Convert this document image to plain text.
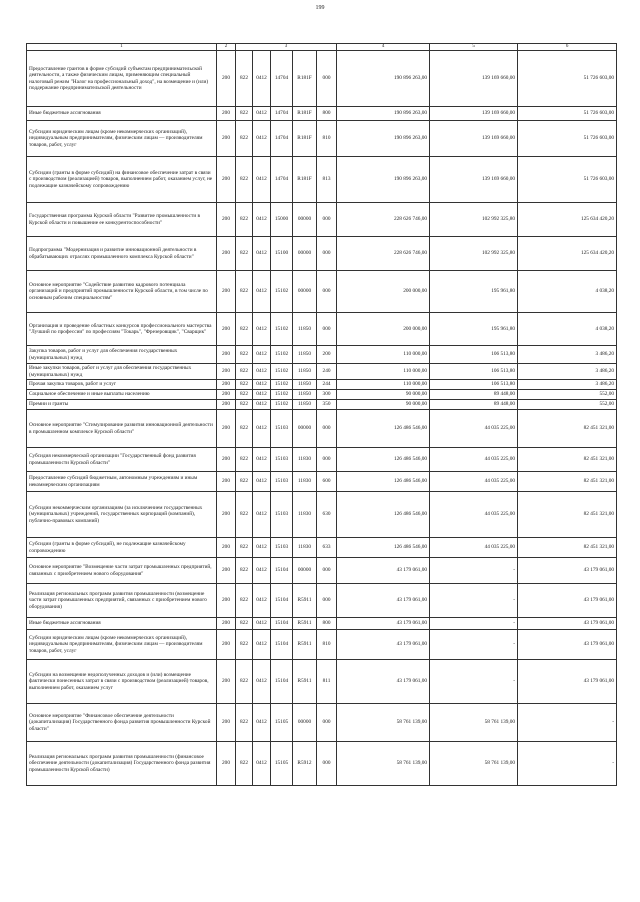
199
1	2	3					4	5	6
Предоставление грантов в форме субсидий субъектам предпринимательской деятельности, а также физическим лицам, применяющим специальный налоговый режим "Налог на профессиональный доход", на возмещение и (или) поддержание предпринимательской деятельности	200	822	0412	14704	R181F	000	190 896 263,00	139 169 660,00	51 726 603,00
Иные бюджетные ассигнования	200	822	0412	14704	R181F	800	190 896 263,00	139 169 660,00	51 726 603,00
Субсидии юридическим лицам (кроме некоммерческих организаций), индивидуальным предпринимателям, физическим лицам — производителям товаров, работ, услуг	200	822	0412	14704	R181F	810	190 896 263,00	139 169 660,00	51 726 603,00
Субсидии (гранты в форме субсидий) на финансовое обеспечение затрат в связи с производством (реализацией) товаров, выполнением работ, оказанием услуг, не подлежащие казначейскому сопровождению	200	822	0412	14704	R181F	813	190 896 263,00	139 169 660,00	51 726 603,00
Государственная программа Курской области "Развитие промышленности в Курской области и повышение ее конкурентоспособности"	200	822	0412	15000	00000	000	228 626 746,00	102 992 325,80	125 634 420,20
Подпрограмма "Модернизация и развитие инновационной деятельности в обрабатывающих отраслях промышленного комплекса Курской области"	200	822	0412	15100	00000	000	228 626 746,00	102 992 325,80	125 634 420,20
Основное мероприятие "Содействие развитию кадрового потенциала организаций и предприятий промышленности Курской области, в том числе по основным рабочим специальностям"	200	822	0412	15102	00000	000	200 000,00	195 961,80	4 038,20
Организация и проведение областных конкурсов профессионального мастерства "Лучший по профессии" по профессиям "Токарь", "Фрезеровщик", "Сварщик"	200	822	0412	15102	11850	000	200 000,00	195 961,80	4 038,20
Закупка товаров, работ и услуг для обеспечения государственных (муниципальных) нужд	200	822	0412	15102	11850	200	110 000,00	106 513,80	3 486,20
Иные закупки товаров, работ и услуг для обеспечения государственных (муниципальных) нужд	200	822	0412	15102	11850	240	110 000,00	106 513,80	3 486,20
Прочая закупка товаров, работ и услуг	200	822	0412	15102	11850	244	110 000,00	106 513,80	3 486,20
Социальное обеспечение и иные выплаты населению	200	822	0412	15102	11850	300	90 000,00	89 448,00	552,00
Премии и гранты	200	822	0412	15102	11850	350	90 000,00	89 448,00	552,00
Основное мероприятие "Стимулирование развития инновационной деятельности в промышленном комплексе Курской области"	200	822	0412	15103	00000	000	126 486 546,00	44 035 225,00	82 451 321,00
Субсидия некоммерческой организации "Государственный фонд развития промышленности Курской области"	200	822	0412	15103	11830	000	126 486 546,00	44 035 225,00	82 451 321,00
Предоставление субсидий бюджетным, автономным учреждениям и иным некоммерческим организациям	200	822	0412	15103	11830	600	126 486 546,00	44 035 225,00	82 451 321,00
Субсидии некоммерческим организациям (за исключением государственных (муниципальных) учреждений, государственных корпораций (компаний), публично-правовых компаний)	200	822	0412	15103	11830	630	126 486 546,00	44 035 225,00	82 451 321,00
Субсидии (гранты в форме субсидий), не подлежащие казначейскому сопровождению	200	822	0412	15103	11830	633	126 486 546,00	44 035 225,00	82 451 321,00
Основное мероприятие "Возмещение части затрат промышленных предприятий, связанных с приобретением нового оборудования"	200	822	0412	15104	00000	000	43 179 061,00	-	43 179 061,00
Реализация региональных программ развития промышленности (возмещение части затрат промышленных предприятий, связанных с приобретением нового оборудования)	200	822	0412	15104	R5911	000	43 179 061,00	-	43 179 061,00
Иные бюджетные ассигнования	200	822	0412	15104	R5911	800	43 179 061,00	-	43 179 061,00
Субсидии юридическим лицам (кроме некоммерческих организаций), индивидуальным предпринимателям, физическим лицам — производителям товаров, работ, услуг	200	822	0412	15104	R5911	810	43 179 061,00	-	43 179 061,00
Субсидии на возмещение недополученных доходов и (или) возмещение фактически понесенных затрат в связи с производством (реализацией) товаров, выполнением работ, оказанием услуг	200	822	0412	15104	R5911	811	43 179 061,00	-	43 179 061,00
Основное мероприятие "Финансовое обеспечение деятельности (докапитализация) Государственного фонда развития промышленности Курской области"	200	822	0412	15105	00000	000	58 761 139,00	58 761 139,00	-
Реализация региональных программ развития промышленности (финансовое обеспечение деятельности (докапитализация) Государственного фонда развития промышленности Курской области)	200	822	0412	15105	R5912	000	58 761 139,00	58 761 139,00	-
